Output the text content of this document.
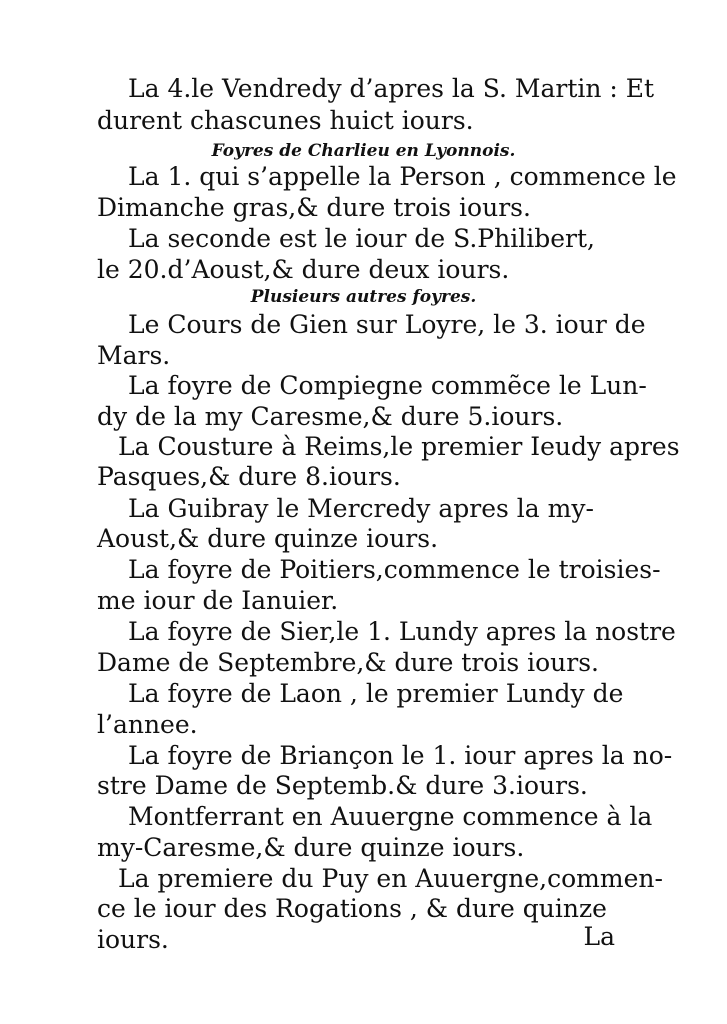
La
La 4.le Vendredy d’apres la S. Martin : Et
durent chascunes huict iours.
Foyres de Charlieu en Lyonnois.
La 1. qui s’appelle la Person , commence le
Dimanche gras,& dure trois iours.
La seconde est le iour de S.Philibert,
le 20.d’Aoust,& dure deux iours.
Plusieurs autres foyres.
Le Cours de Gien sur Loyre, le 3. iour de
Mars.
La foyre de Compiegne commẽce le Lun-
dy de la my Caresme,& dure 5.iours.
La Cousture à Reims,le premier Ieudy apres
Pasques,& dure 8.iours.
La Guibray le Mercredy apres la my-
Aoust,& dure quinze iours.
La foyre de Poitiers,commence le troisies-
me iour de Ianuier.
La foyre de Sier,le 1. Lundy apres la nostre
Dame de Septembre,& dure trois iours.
La foyre de Laon , le premier Lundy de
l’annee.
La foyre de Briançon le 1. iour apres la no-
stre Dame de Septemb.& dure 3.iours.
Montferrant en Auuergne commence à la
my-Caresme,& dure quinze iours.
La premiere du Puy en Auuergne,commen-
ce le iour des Rogations , & dure quinze
iours.
